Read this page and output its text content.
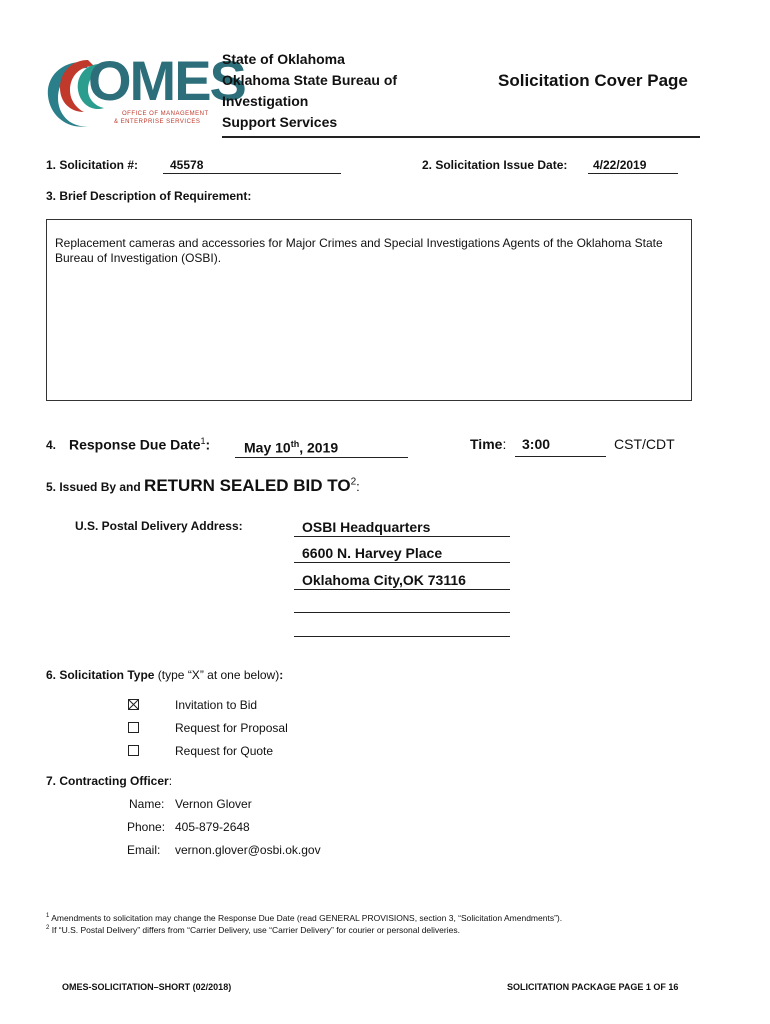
OMES
OFFICE OF MANAGEMENT
& ENTERPRISE SERVICES
State of Oklahoma
Oklahoma State Bureau of
Investigation
Support Services
Solicitation Cover Page
1. Solicitation #:	45578	2. Solicitation Issue Date: 4/22/2019
3. Brief Description of Requirement:
Replacement cameras and accessories for Major Crimes and Special Investigations Agents of the Oklahoma State Bureau of Investigation (OSBI).
4. Response Due Date$^1$: May 10th, 2019	Time: 3:00	CST/CDT
5. Issued By and RETURN SEALED BID $TO^2$:
U.S. Postal Delivery Address:	OSBI Headquarters
6600 N. Harvey Place
Oklahoma City,OK 73116
6. Solicitation Type (type “X” at one below):
Invitation to Bid
Request for Proposal
Request for Quote
7. Contracting Officer:
Name: Vernon Glover
Phone: 405-879-2648
Email: vernon.glover@osbi.ok.gov
$^1$ Amendments to solicitation may change the Response Due Date (read GENERAL PROVISIONS, section 3, “Solicitation Amendments”).
$^2$ If “U.S. Postal Delivery” differs from “Carrier Delivery, use “Carrier Delivery” for courier or personal deliveries.
OMES-SOLICITATION–SHORT (02/2018)	SOLICITATION PACKAGE PAGE 1 OF 16
